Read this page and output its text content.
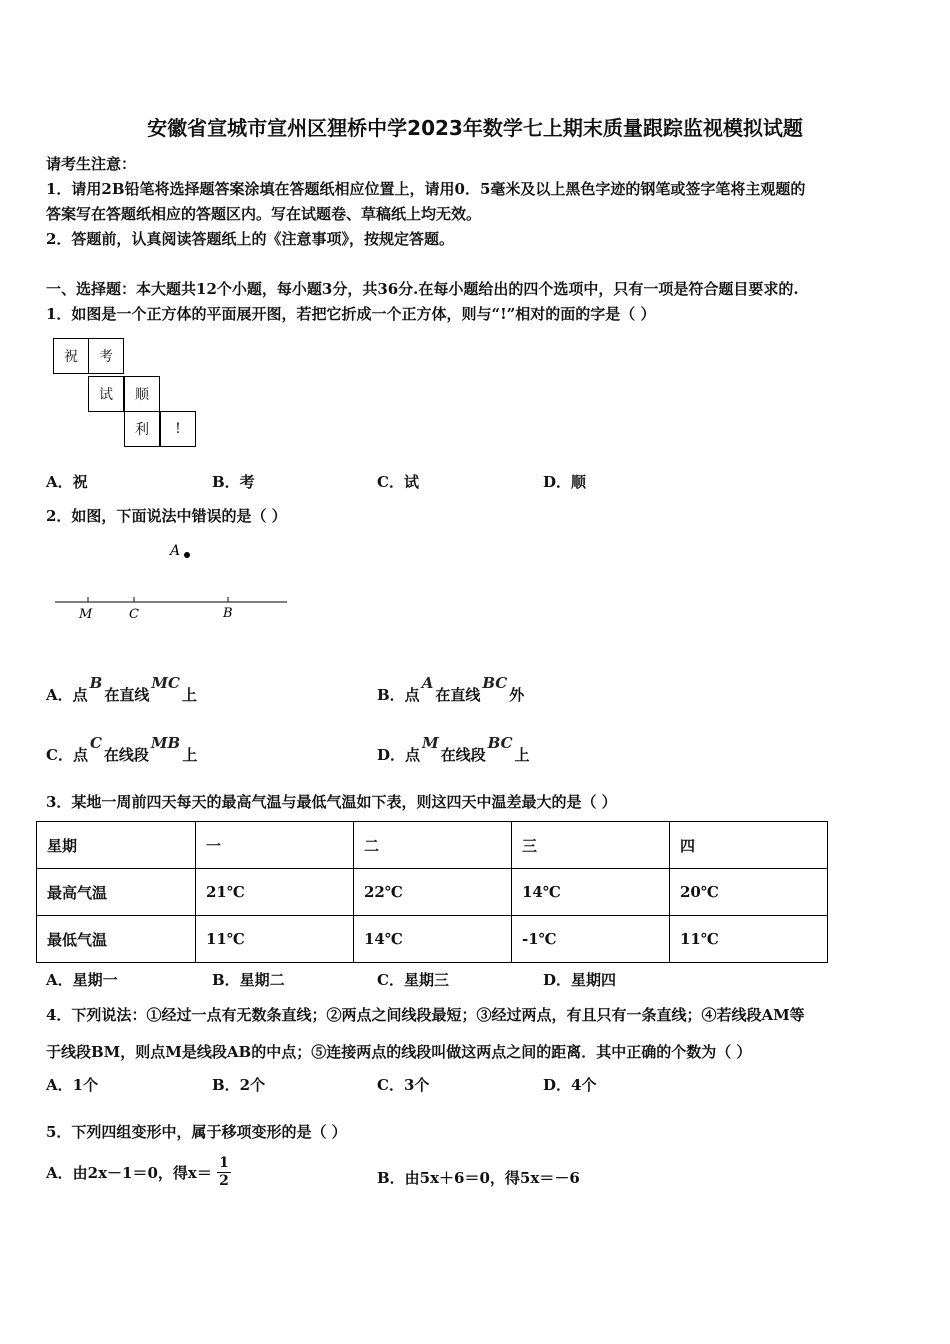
安徽省宣城市宣州区狸桥中学2023年数学七上期末质量跟踪监视模拟试题
请考生注意：
1．请用2B铅笔将选择题答案涂填在答题纸相应位置上，请用0．5毫米及以上黑色字迹的钢笔或签字笔将主观题的
答案写在答题纸相应的答题区内。写在试题卷、草稿纸上均无效。
2．答题前，认真阅读答题纸上的《注意事项》，按规定答题。
一、选择题：本大题共12个小题，每小题3分，共36分.在每小题给出的四个选项中，只有一项是符合题目要求的.
1．如图是一个正方体的平面展开图，若把它折成一个正方体，则与“!”相对的面的字是（ ）
祝	考
试	顺
利	!
A．祝	B．考	C．试	D．顺
2．如图，下面说法中错误的是（ ）
A
M	C	B
A．点B在直线MC上	B．点A在直线BC外
C．点C在线段MB上	D．点M在线段BC上
3．某地一周前四天每天的最高气温与最低气温如下表，则这四天中温差最大的是（ ）
星期	一	二	三	四
最高气温	21℃	22℃	14℃	20℃
最低气温	11℃	14℃	-1℃	11℃
A．星期一	B．星期二	C．星期三	D．星期四
4．下列说法：①经过一点有无数条直线；②两点之间线段最短；③经过两点，有且只有一条直线；④若线段AM等
于线段BM，则点M是线段AB的中点；⑤连接两点的线段叫做这两点之间的距离．其中正确的个数为（ ）
A．1个	B．2个	C．3个	D．4个
5．下列四组变形中，属于移项变形的是（ ）
A．由2x－1＝0，得$x= \frac{1}{2}$	B．由5x＋6＝0，得5x＝－6
